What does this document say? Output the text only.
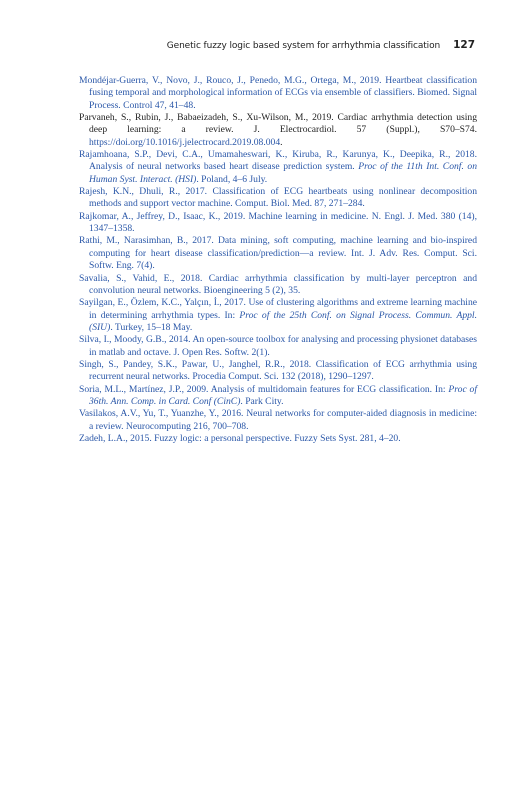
Genetic fuzzy logic based system for arrhythmia classification 127
Mondéjar-Guerra, V., Novo, J., Rouco, J., Penedo, M.G., Ortega, M., 2019. Heartbeat classification fusing temporal and morphological information of ECGs via ensemble of classifiers. Biomed. Signal Process. Control 47, 41–48.
Parvaneh, S., Rubin, J., Babaeizadeh, S., Xu-Wilson, M., 2019. Cardiac arrhythmia detection using deep learning: a review. J. Electrocardiol. 57 (Suppl.), S70–S74. https://doi.org/10.1016/j.jelectrocard.2019.08.004.
Rajamhoana, S.P., Devi, C.A., Umamaheswari, K., Kiruba, R., Karunya, K., Deepika, R., 2018. Analysis of neural networks based heart disease prediction system. Proc of the 11th Int. Conf. on Human Syst. Interact. (HSI). Poland, 4–6 July.
Rajesh, K.N., Dhuli, R., 2017. Classification of ECG heartbeats using nonlinear decomposition methods and support vector machine. Comput. Biol. Med. 87, 271–284.
Rajkomar, A., Jeffrey, D., Isaac, K., 2019. Machine learning in medicine. N. Engl. J. Med. 380 (14), 1347–1358.
Rathi, M., Narasimhan, B., 2017. Data mining, soft computing, machine learning and bio-inspired computing for heart disease classification/prediction—a review. Int. J. Adv. Res. Comput. Sci. Softw. Eng. 7(4).
Savalia, S., Vahid, E., 2018. Cardiac arrhythmia classification by multi-layer perceptron and convolution neural networks. Bioengineering 5 (2), 35.
Sayilgan, E., Özlem, K.C., Yalçın, İ., 2017. Use of clustering algorithms and extreme learning machine in determining arrhythmia types. In: Proc of the 25th Conf. on Signal Process. Commun. Appl. (SIU). Turkey, 15–18 May.
Silva, I., Moody, G.B., 2014. An open-source toolbox for analysing and processing physionet databases in matlab and octave. J. Open Res. Softw. 2(1).
Singh, S., Pandey, S.K., Pawar, U., Janghel, R.R., 2018. Classification of ECG arrhythmia using recurrent neural networks. Procedia Comput. Sci. 132 (2018), 1290–1297.
Soria, M.L., Martínez, J.P., 2009. Analysis of multidomain features for ECG classification. In: Proc of 36th. Ann. Comp. in Card. Conf (CinC). Park City.
Vasilakos, A.V., Yu, T., Yuanzhe, Y., 2016. Neural networks for computer-aided diagnosis in medicine: a review. Neurocomputing 216, 700–708.
Zadeh, L.A., 2015. Fuzzy logic: a personal perspective. Fuzzy Sets Syst. 281, 4–20.
